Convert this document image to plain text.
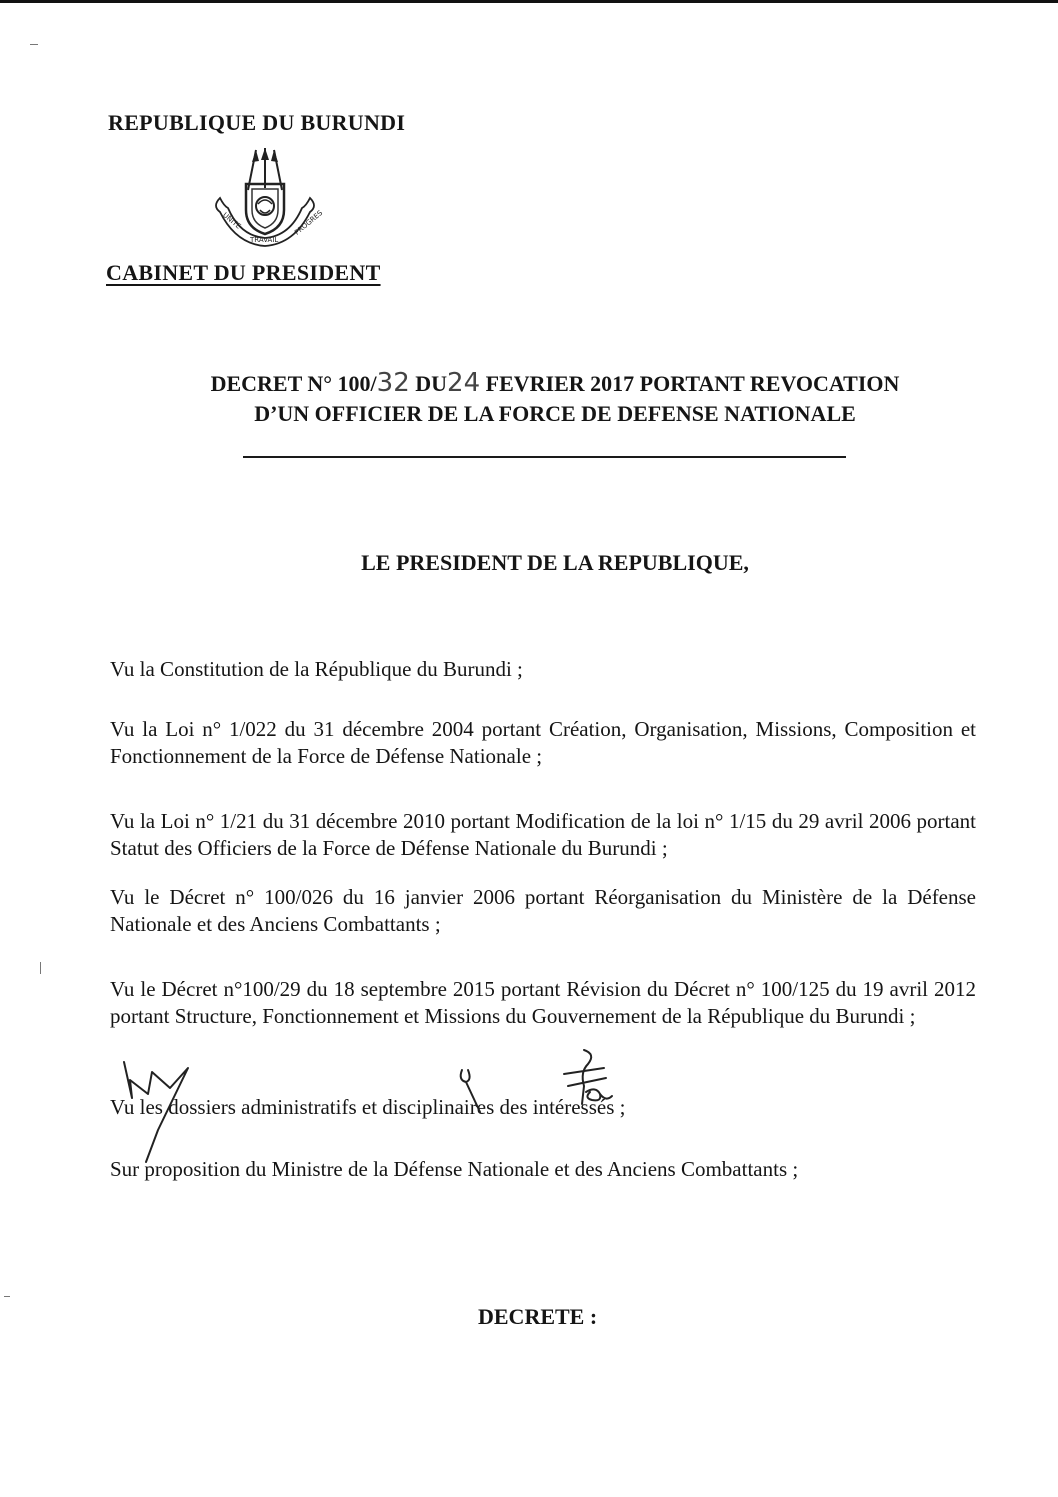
REPUBLIQUE DU BURUNDI
UNITE
TRAVAIL
PROGRES
CABINET DU PRESIDENT
DECRET N° 100/32 DU24 FEVRIER 2017 PORTANT REVOCATION
D’UN OFFICIER DE LA FORCE DE DEFENSE NATIONALE
LE PRESIDENT DE LA REPUBLIQUE,
Vu la Constitution de la République du Burundi ;
Vu la Loi n° 1/022 du 31 décembre 2004 portant Création, Organisation, Missions, Composition et Fonctionnement de la Force de Défense Nationale ;
Vu la Loi n° 1/21 du 31 décembre 2010 portant Modification de la loi n° 1/15 du 29 avril 2006 portant Statut des Officiers de la Force de Défense Nationale du Burundi ;
Vu le Décret n° 100/026 du 16 janvier 2006 portant Réorganisation du Ministère de la Défense Nationale et des Anciens Combattants ;
Vu le Décret n°100/29 du 18 septembre 2015 portant Révision du Décret n° 100/125 du 19 avril 2012 portant Structure, Fonctionnement et Missions du Gouvernement de la République du Burundi ;
Vu les dossiers administratifs et disciplinaires des intéressés ;
Sur proposition du Ministre de la Défense Nationale et des Anciens Combattants ;
DECRETE :
